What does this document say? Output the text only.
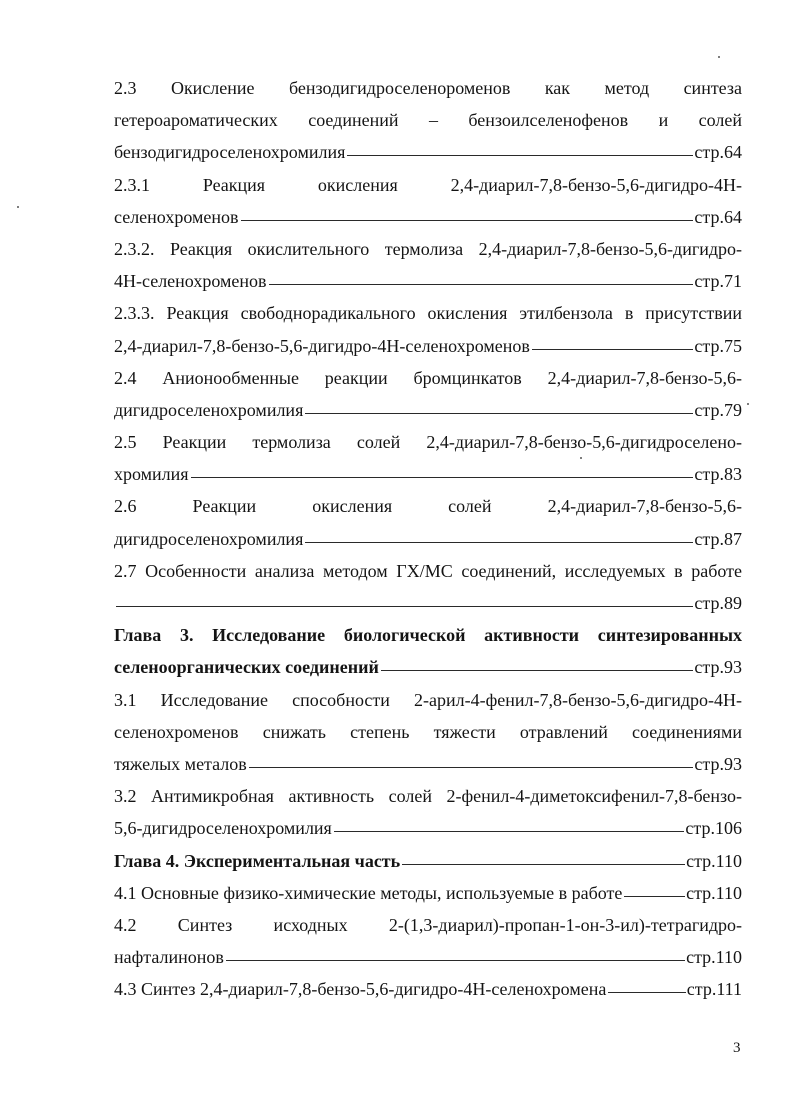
2.3 Окисление бензодигидроселенороменов как метод синтеза
гетероароматических соединений – бензоилселенофенов и солей
бензодигидроселенохромилия	стр.64
2.3.1 Реакция окисления 2,4-диарил-7,8-бензо-5,6-дигидро-4Н-
селенохроменов	стр.64
2.3.2. Реакция окислительного термолиза 2,4-диарил-7,8-бензо-5,6-дигидро-
4Н-селенохроменов	стр.71
2.3.3. Реакция свободнорадикального окисления этилбензола в присутствии
2,4-диарил-7,8-бензо-5,6-дигидро-4Н-селенохроменов	стр.75
2.4 Анионообменные реакции бромцинкатов 2,4-диарил-7,8-бензо-5,6-
дигидроселенохромилия	стр.79
2.5 Реакции термолиза солей 2,4-диарил-7,8-бензо-5,6-дигидроселено-
хромилия	стр.83
2.6 Реакции окисления солей 2,4-диарил-7,8-бензо-5,6-
дигидроселенохромилия	стр.87
2.7 Особенности анализа методом ГХ/МС соединений, исследуемых в работе
стр.89
Глава 3. Исследование биологической активности синтезированных
селеноорганических соединений	стр.93
3.1 Исследование способности 2-арил-4-фенил-7,8-бензо-5,6-дигидро-4Н-
селенохроменов снижать степень тяжести отравлений соединениями
тяжелых металов	стр.93
3.2 Антимикробная активность солей 2-фенил-4-диметоксифенил-7,8-бензо-
5,6-дигидроселенохромилия	стр.106
Глава 4. Экспериментальная часть	стр.110
4.1 Основные физико-химические методы, используемые в работе	стр.110
4.2 Синтез исходных 2-(1,3-диарил)-пропан-1-он-3-ил)-тетрагидро-
нафталинонов	стр.110
4.3 Синтез 2,4-диарил-7,8-бензо-5,6-дигидро-4Н-селенохромена	стр.111
3
